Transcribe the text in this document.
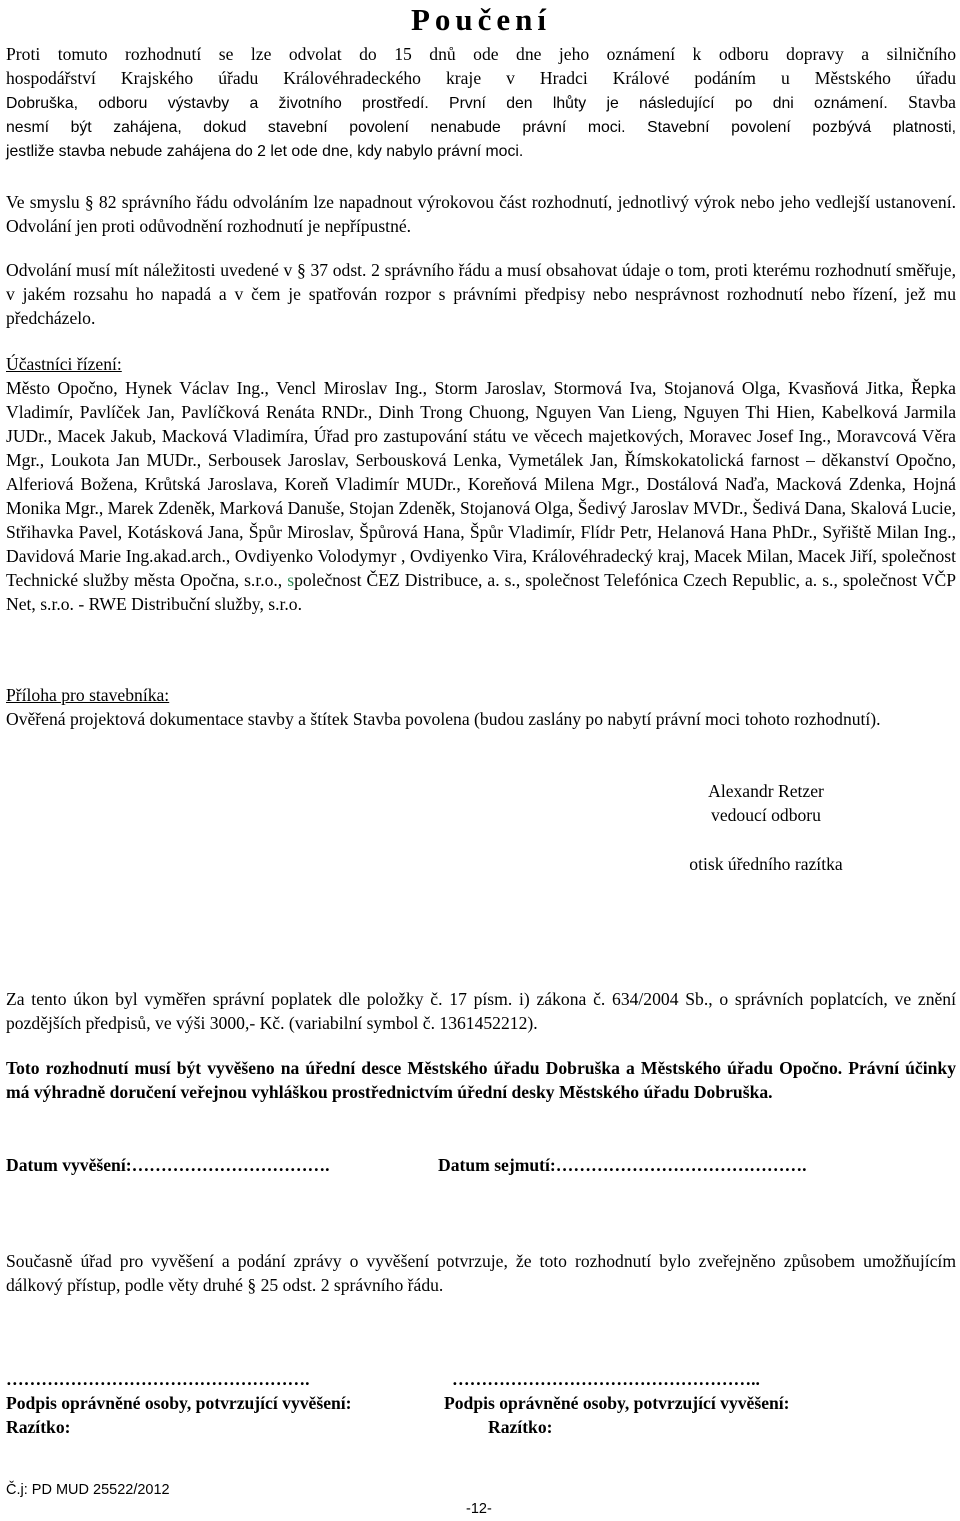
Poučení

Proti tomuto rozhodnutí se lze odvolat do 15 dnů ode dne jeho oznámení k odboru dopravy a silničního

hospodářství Krajského úřadu Královéhradeckého kraje v Hradci Králové podáním u Městského úřadu

Dobruška, odboru výstavby a životního prostředí. První den lhůty je následující po dni oznámení. Stavba

nesmí být zahájena, dokud stavební povolení nenabude právní moci. Stavební povolení pozbývá platnosti,

jestliže stavba nebude zahájena do 2 let ode dne, kdy nabylo právní moci.

Ve smyslu § 82 správního řádu odvoláním lze napadnout výrokovou část rozhodnutí, jednotlivý výrok nebo jeho vedlejší ustanovení. Odvolání jen proti odůvodnění rozhodnutí je nepřípustné.

Odvolání musí mít náležitosti uvedené v § 37 odst. 2 správního řádu a musí obsahovat údaje o tom, proti kterému rozhodnutí směřuje, v jakém rozsahu ho napadá a v čem je spatřován rozpor s právními předpisy nebo nesprávnost rozhodnutí nebo řízení, jež mu předcházelo.

Účastníci řízení:

Město Opočno, Hynek Václav Ing., Vencl Miroslav Ing., Storm Jaroslav, Stormová Iva, Stojanová Olga, Kvasňová Jitka, Řepka Vladimír, Pavlíček Jan, Pavlíčková Renáta RNDr., Dinh Trong Chuong, Nguyen Van Lieng, Nguyen Thi Hien, Kabelková Jarmila JUDr., Macek Jakub, Macková Vladimíra, Úřad pro zastupování státu ve věcech majetkových, Moravec Josef Ing., Moravcová Věra Mgr., Loukota Jan MUDr., Serbousek Jaroslav, Serbousková Lenka, Vymetálek Jan, Římskokatolická farnost – děkanství Opočno, Alferiová Božena, Krůtská Jaroslava, Koreň Vladimír MUDr., Koreňová Milena Mgr., Dostálová Naďa, Macková Zdenka, Hojná Monika Mgr., Marek Zdeněk, Marková Danuše, Stojan Zdeněk, Stojanová Olga, Šedivý Jaroslav MVDr., Šedivá Dana, Skalová Lucie, Střihavka Pavel, Kotásková Jana, Špůr Miroslav, Špůrová Hana, Špůr Vladimír, Flídr Petr, Helanová Hana PhDr., Syřiště Milan Ing., Davidová Marie Ing.akad.arch., Ovdiyenko Volodymyr , Ovdiyenko Vira, Královéhradecký kraj, Macek Milan, Macek Jiří, společnost Technické služby města Opočna, s.r.o., společnost ČEZ Distribuce, a. s., společnost Telefónica Czech Republic, a. s., společnost VČP Net, s.r.o. - RWE Distribuční služby, s.r.o.

Příloha pro stavebníka:

Ověřená projektová dokumentace stavby a štítek Stavba povolena (budou zaslány po nabytí právní moci tohoto rozhodnutí).

Alexandr Retzer
vedoucí odboru
otisk úředního razítka

Za tento úkon byl vyměřen správní poplatek dle položky č. 17 písm. i) zákona č. 634/2004 Sb., o správních poplatcích, ve znění pozdějších předpisů, ve výši 3000,- Kč. (variabilní symbol č. 1361452212).

Toto rozhodnutí musí být vyvěšeno na úřední desce Městského úřadu Dobruška a Městského úřadu Opočno. Právní účinky má výhradně doručení veřejnou vyhláškou prostřednictvím úřední desky Městského úřadu Dobruška.

Datum vyvěšení:…………………………….	Datum sejmutí:…………………………………….

Současně úřad pro vyvěšení a podání zprávy o vyvěšení potvrzuje, že toto rozhodnutí bylo zveřejněno způsobem umožňujícím dálkový přístup, podle věty druhé § 25 odst. 2 správního řádu.

…………………………………………….	……………………………………………..
Podpis oprávněné osoby, potvrzující vyvěšení:	Podpis oprávněné osoby, potvrzující vyvěšení:
Razítko:	Razítko:
Č.j: PD MUD 25522/2012
-12-
